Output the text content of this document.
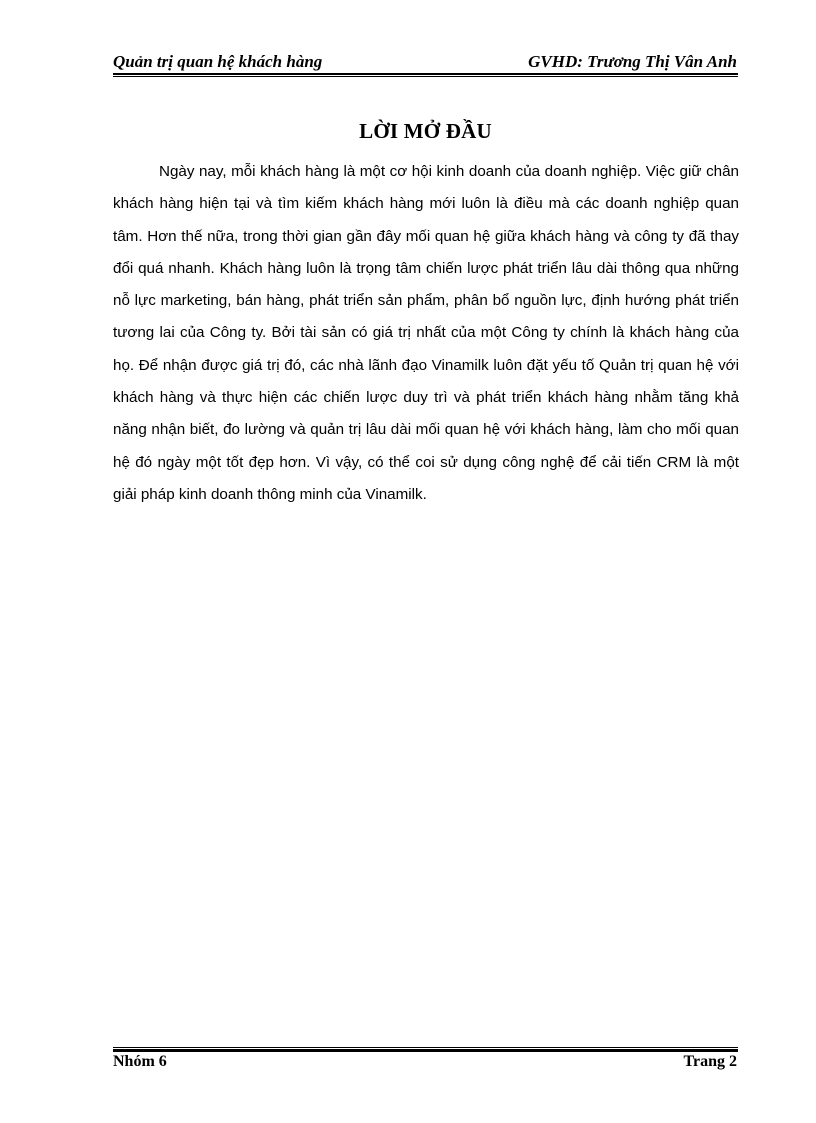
Quản trị quan hệ khách hàng	GVHD: Trương Thị Vân Anh
LỜI MỞ ĐẦU

Ngày nay, mỗi khách hàng là một cơ hội kinh doanh của doanh nghiệp. Việc giữ chân khách hàng hiện tại và tìm kiếm khách hàng mới luôn là điều mà các doanh nghiệp quan tâm. Hơn thế nữa, trong thời gian gần đây mối quan hệ giữa khách hàng và công ty đã thay đổi quá nhanh. Khách hàng luôn là trọng tâm chiến lược phát triển lâu dài thông qua những nỗ lực marketing, bán hàng, phát triển sản phẩm, phân bổ nguồn lực, định hướng phát triển tương lai của Công ty. Bởi tài sản có giá trị nhất của một Công ty chính là khách hàng của họ. Để nhận được giá trị đó, các nhà lãnh đạo Vinamilk luôn đặt yếu tố Quản trị quan hệ với khách hàng và thực hiện các chiến lược duy trì và phát triển khách hàng nhằm tăng khả năng nhận biết, đo lường và quản trị lâu dài mối quan hệ với khách hàng, làm cho mối quan hệ đó ngày một tốt đẹp hơn. Vì vậy, có thể coi sử dụng công nghệ để cải tiến CRM là một giải pháp kinh doanh thông minh của Vinamilk.

Nhóm 6	Trang 2
